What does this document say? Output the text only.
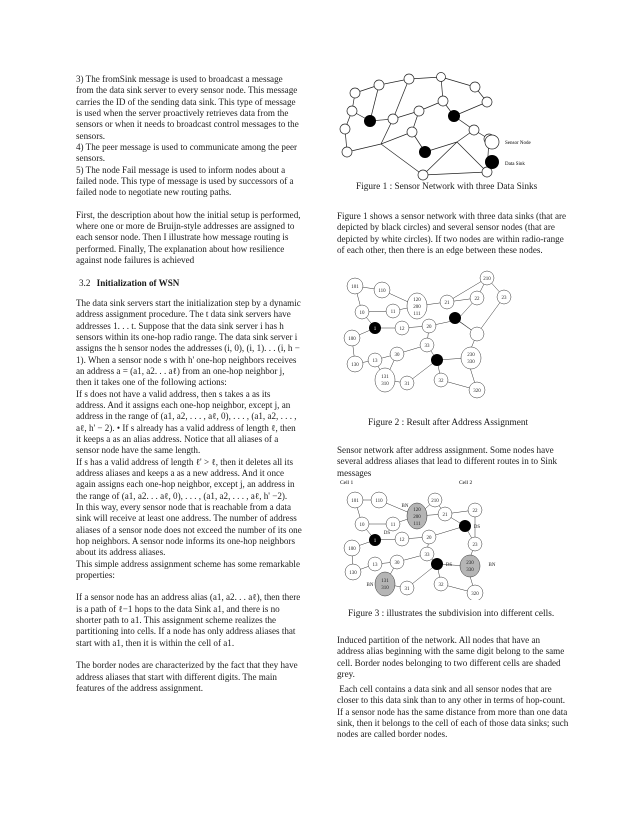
3) The fromSink message is used to broadcast a message from the data sink server to every sensor node. This message carries the ID of the sending data sink. This type of message is used when the server proactively retrieves data from the sensors or when it needs to broadcast control messages to the sensors.

4) The peer message is used to communicate among the peer sensors.

5) The node Fail message is used to inform nodes about a failed node. This type of message is used by successors of a failed node to negotiate new routing paths.

First, the description about how the initial setup is performed, where one or more de Bruijn-style addresses are assigned to each sensor node. Then I illustrate how message routing is performed. Finally, The explanation about how resilience against node failures is achieved

3.2 Initialization of WSN

The data sink servers start the initialization step by a dynamic address assignment procedure. The t data sink servers have addresses 1. . . t. Suppose that the data sink server i has h sensors within its one-hop radio range. The data sink server i assigns the h sensor nodes the addresses (i, 0), (i, 1). . . (i, h − 1). When a sensor node s with h' one-hop neighbors receives an address a = (a1, a2. . . aℓ) from an one-hop neighbor j, then it takes one of the following actions:

If s does not have a valid address, then s takes a as its address. And it assigns each one-hop neighbor, except j, an address in the range of (a1, a2, . . . , aℓ, 0), . . . , (a1, a2, . . . , aℓ, h' − 2). • If s already has a valid address of length ℓ, then it keeps a as an alias address. Notice that all aliases of a sensor node have the same length.

If s has a valid address of length ℓ' > ℓ, then it deletes all its address aliases and keeps a as a new address. And it once again assigns each one-hop neighbor, except j, an address in the range of (a1, a2. . . aℓ, 0), . . . , (a1, a2, . . . , aℓ, h' −2).

In this way, every sensor node that is reachable from a data sink will receive at least one address. The number of address aliases of a sensor node does not exceed the number of its one hop neighbors. A sensor node informs its one-hop neighbors about its address aliases.

This simple address assignment scheme has some remarkable properties:

If a sensor node has an address alias (a1, a2. . . aℓ), then there is a path of ℓ−1 hops to the data Sink a1, and there is no shorter path to a1. This assignment scheme realizes the partitioning into cells. If a node has only address aliases that start with a1, then it is within the cell of a1.

The border nodes are characterized by the fact that they have address aliases that start with different digits. The main features of the address assignment.

Sensor Node
Data Sink
Figure 1 : Sensor Network with three Data Sinks
Figure 1 shows a sensor network with three data sinks (that are depicted by black circles) and several sensor nodes (that are depicted by white circles). If two nodes are within radio-range of each other, then there is an edge between these nodes.
210
101
110
120
200
111
21
22
10	11
1	12	20
23
100
33
30
13
230
330
130
131
310	31
32
320
Figure 2 : Result after Address Assignment
Sensor network after address assignment. Some nodes have several address aliases that lead to different routes in to Sink messages
Cell 1	Cell 2
101	110	210
BN
120
200
111
21
22
10	11
DS
1	12	20
DS
23
100
33
30
13	DS	230
330
BN
130
131
310
BN
31
32
320
Figure 3 : illustrates the subdivision into different cells.
Induced partition of the network. All nodes that have an address alias beginning with the same digit belong to the same cell. Border nodes belonging to two different cells are shaded grey.
Each cell contains a data sink and all sensor nodes that are closer to this data sink than to any other in terms of hop-count. If a sensor node has the same distance from more than one data sink, then it belongs to the cell of each of those data sinks; such nodes are called border nodes.
